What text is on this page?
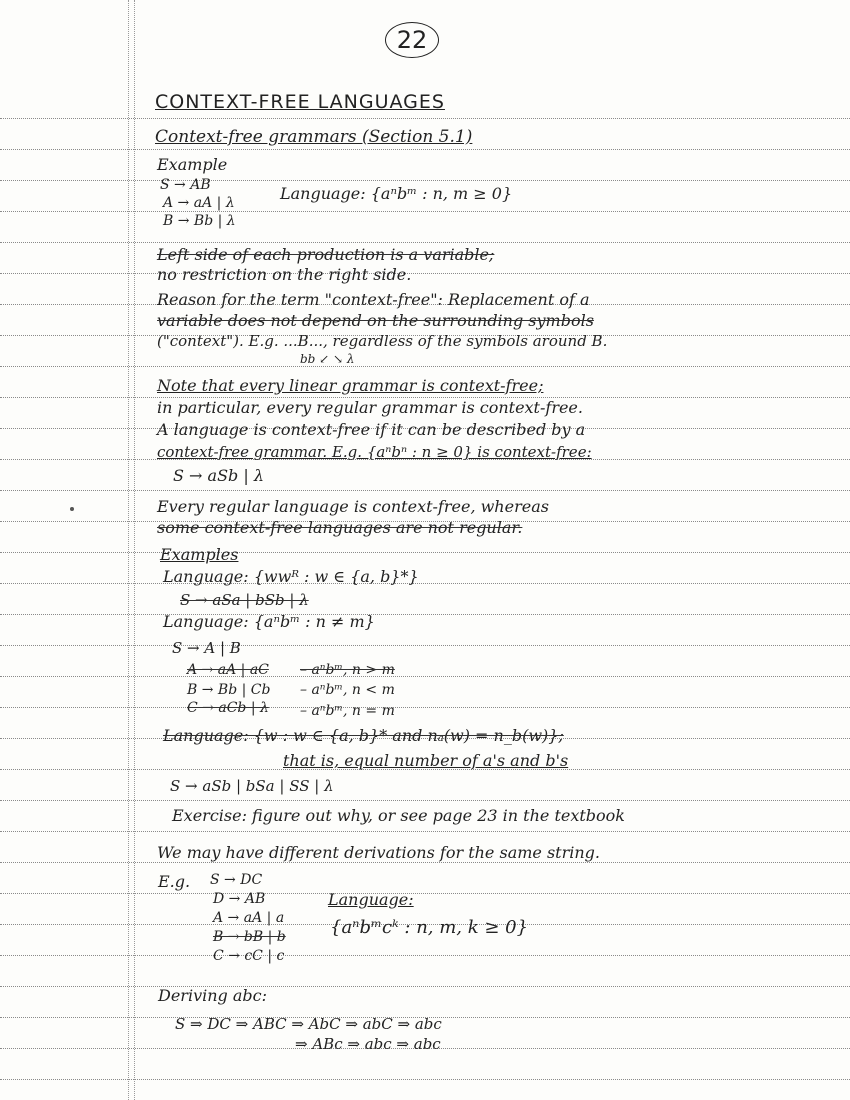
22
CONTEXT-FREE LANGUAGES
Context-free grammars (Section 5.1)
Example
S → AB
A → aA | λ
B → Bb | λ
Language: {aⁿbᵐ : n, m ≥ 0}
Left side of each production is a variable;
no restriction on the right side.
Reason for the term "context-free": Replacement of a
variable does not depend on the surrounding symbols
("context"). E.g. ...B..., regardless of the symbols around B.
bb ↙ ↘ λ
Note that every linear grammar is context-free;
in particular, every regular grammar is context-free.
A language is context-free if it can be described by a
context-free grammar. E.g. {aⁿbⁿ : n ≥ 0} is context-free:
S → aSb | λ
Every regular language is context-free, whereas
some context-free languages are not regular.
Examples
Language: {wwᴿ : w ∈ {a, b}*}
S → aSa | bSb | λ
Language: {aⁿbᵐ : n ≠ m}
S → A | B
A → aA | aC – aⁿbᵐ, n > m
B → Bb | Cb – aⁿbᵐ, n < m
C → aCb | λ – aⁿbᵐ, n = m
Language: {w : w ∈ {a, b}* and nₐ(w) = n_b(w)};
that is, equal number of a's and b's
S → aSb | bSa | SS | λ
Exercise: figure out why, or see page 23 in the textbook
We may have different derivations for the same string.
E.g. S → DC
D → AB
A → aA | a
B → bB | b
C → cC | c
Language:
{aⁿbᵐcᵏ : n, m, k ≥ 0}
Deriving abc:
S ⇒ DC ⇒ ABC ⇒ AbC ⇒ abC ⇒ abc
⇒ ABc ⇒ abc ⇒ abc
